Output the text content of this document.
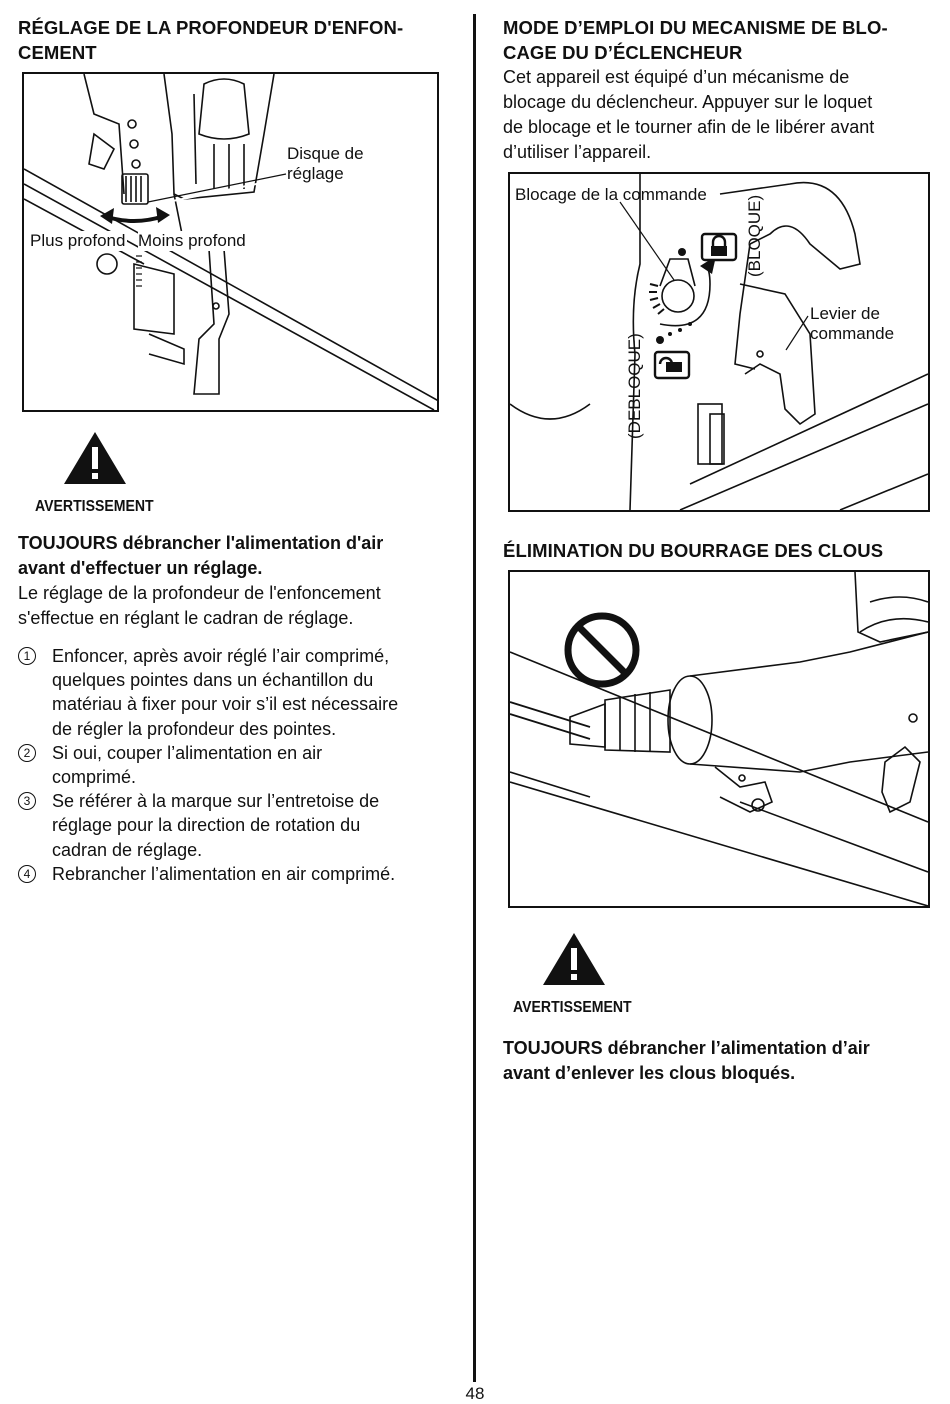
RÉGLAGE DE LA PROFONDEUR D'ENFON-
CEMENT
Disque de
réglage
Plus profond Moins profond
AVERTISSEMENT

TOUJOURS débrancher l'alimentation d'air

avant d'effectuer un réglage.

Le réglage de la profondeur de l'enfoncement

s'effectue en réglant le cadran de réglage.

1	Enfoncer, après avoir réglé l’air comprimé,
quelques pointes dans un échantillon du
matériau à fixer pour voir s’il est nécessaire
de régler la profondeur des pointes.
2	Si oui, couper l’alimentation en air
comprimé.
3	Se référer à la marque sur l’entretoise de
réglage pour la direction de rotation du
cadran de réglage.
4	Rebrancher l’alimentation en air comprimé.
MODE D’EMPLOI DU MECANISME DE BLO-
CAGE DU D’ÉCLENCHEUR

Cet appareil est équipé d’un mécanisme de

blocage du déclencheur. Appuyer sur le loquet

de blocage et le tourner afin de le libérer avant

d’utiliser l’appareil.

Blocage de la commande
(BLOQUE)
(DEBLOQUE)
Levier de
commande
ÉLIMINATION DU BOURRAGE DES CLOUS
AVERTISSEMENT

TOUJOURS débrancher l’alimentation d’air

avant d’enlever les clous bloqués.

48
